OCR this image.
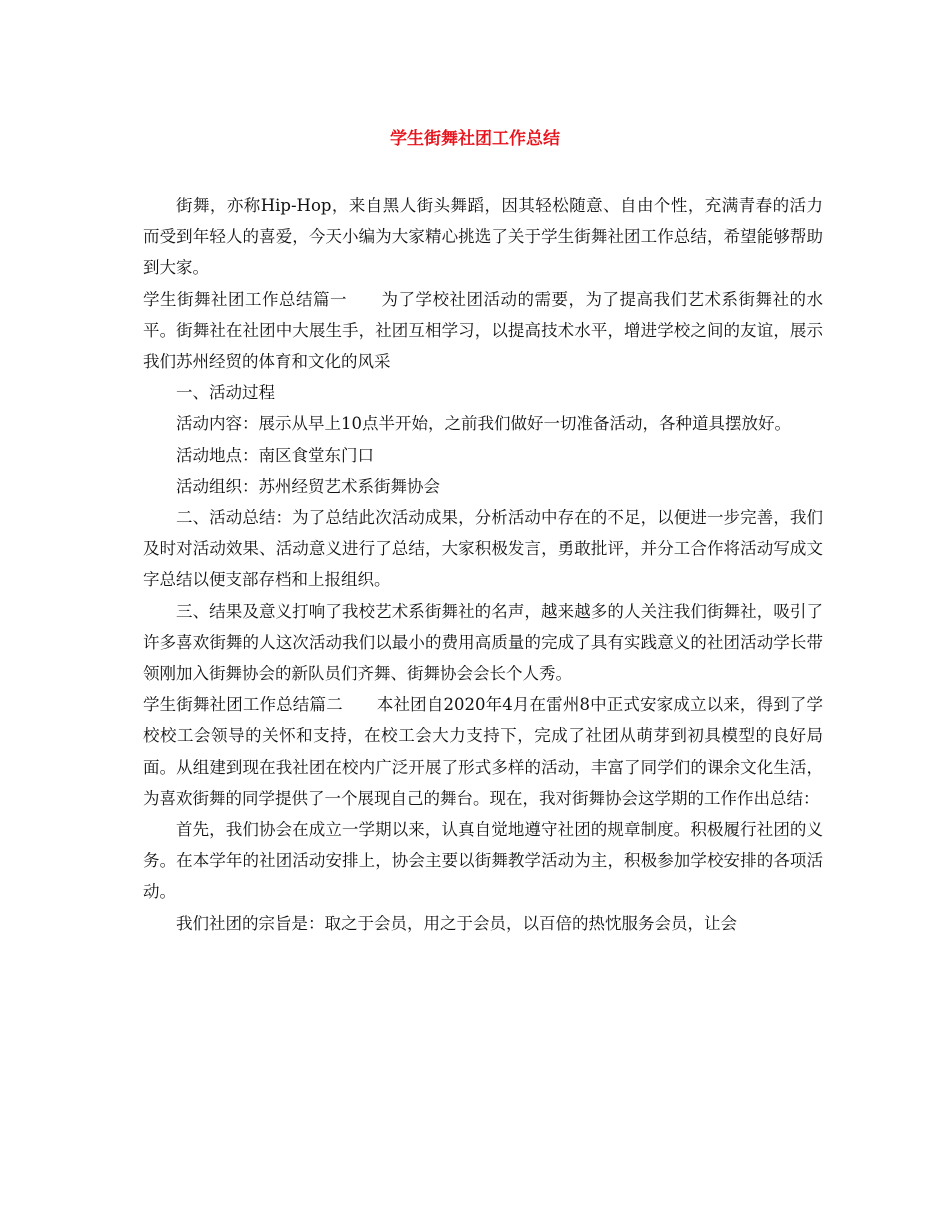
学生街舞社团工作总结

街舞，亦称Hip-Hop，来自黑人街头舞蹈，因其轻松随意、自由个性，充满青春的活力而受到年轻人的喜爱，今天小编为大家精心挑选了关于学生街舞社团工作总结，希望能够帮助到大家。

学生街舞社团工作总结篇一 为了学校社团活动的需要，为了提高我们艺术系街舞社的水平。街舞社在社团中大展生手，社团互相学习，以提高技术水平，增进学校之间的友谊，展示我们苏州经贸的体育和文化的风采

一、活动过程

活动内容：展示从早上10点半开始，之前我们做好一切准备活动，各种道具摆放好。

活动地点：南区食堂东门口

活动组织：苏州经贸艺术系街舞协会

二、活动总结：为了总结此次活动成果，分析活动中存在的不足，以便进一步完善，我们及时对活动效果、活动意义进行了总结，大家积极发言，勇敢批评，并分工合作将活动写成文字总结以便支部存档和上报组织。

三、结果及意义打响了我校艺术系街舞社的名声，越来越多的人关注我们街舞社，吸引了许多喜欢街舞的人这次活动我们以最小的费用高质量的完成了具有实践意义的社团活动学长带领刚加入街舞协会的新队员们齐舞、街舞协会会长个人秀。

学生街舞社团工作总结篇二 本社团自2020年4月在雷州8中正式安家成立以来，得到了学校校工会领导的关怀和支持，在校工会大力支持下，完成了社团从萌芽到初具模型的良好局面。从组建到现在我社团在校内广泛开展了形式多样的活动，丰富了同学们的课余文化生活，为喜欢街舞的同学提供了一个展现自己的舞台。现在，我对街舞协会这学期的工作作出总结：

首先，我们协会在成立一学期以来，认真自觉地遵守社团的规章制度。积极履行社团的义务。在本学年的社团活动安排上，协会主要以街舞教学活动为主，积极参加学校安排的各项活动。

我们社团的宗旨是：取之于会员，用之于会员，以百倍的热忱服务会员，让会
